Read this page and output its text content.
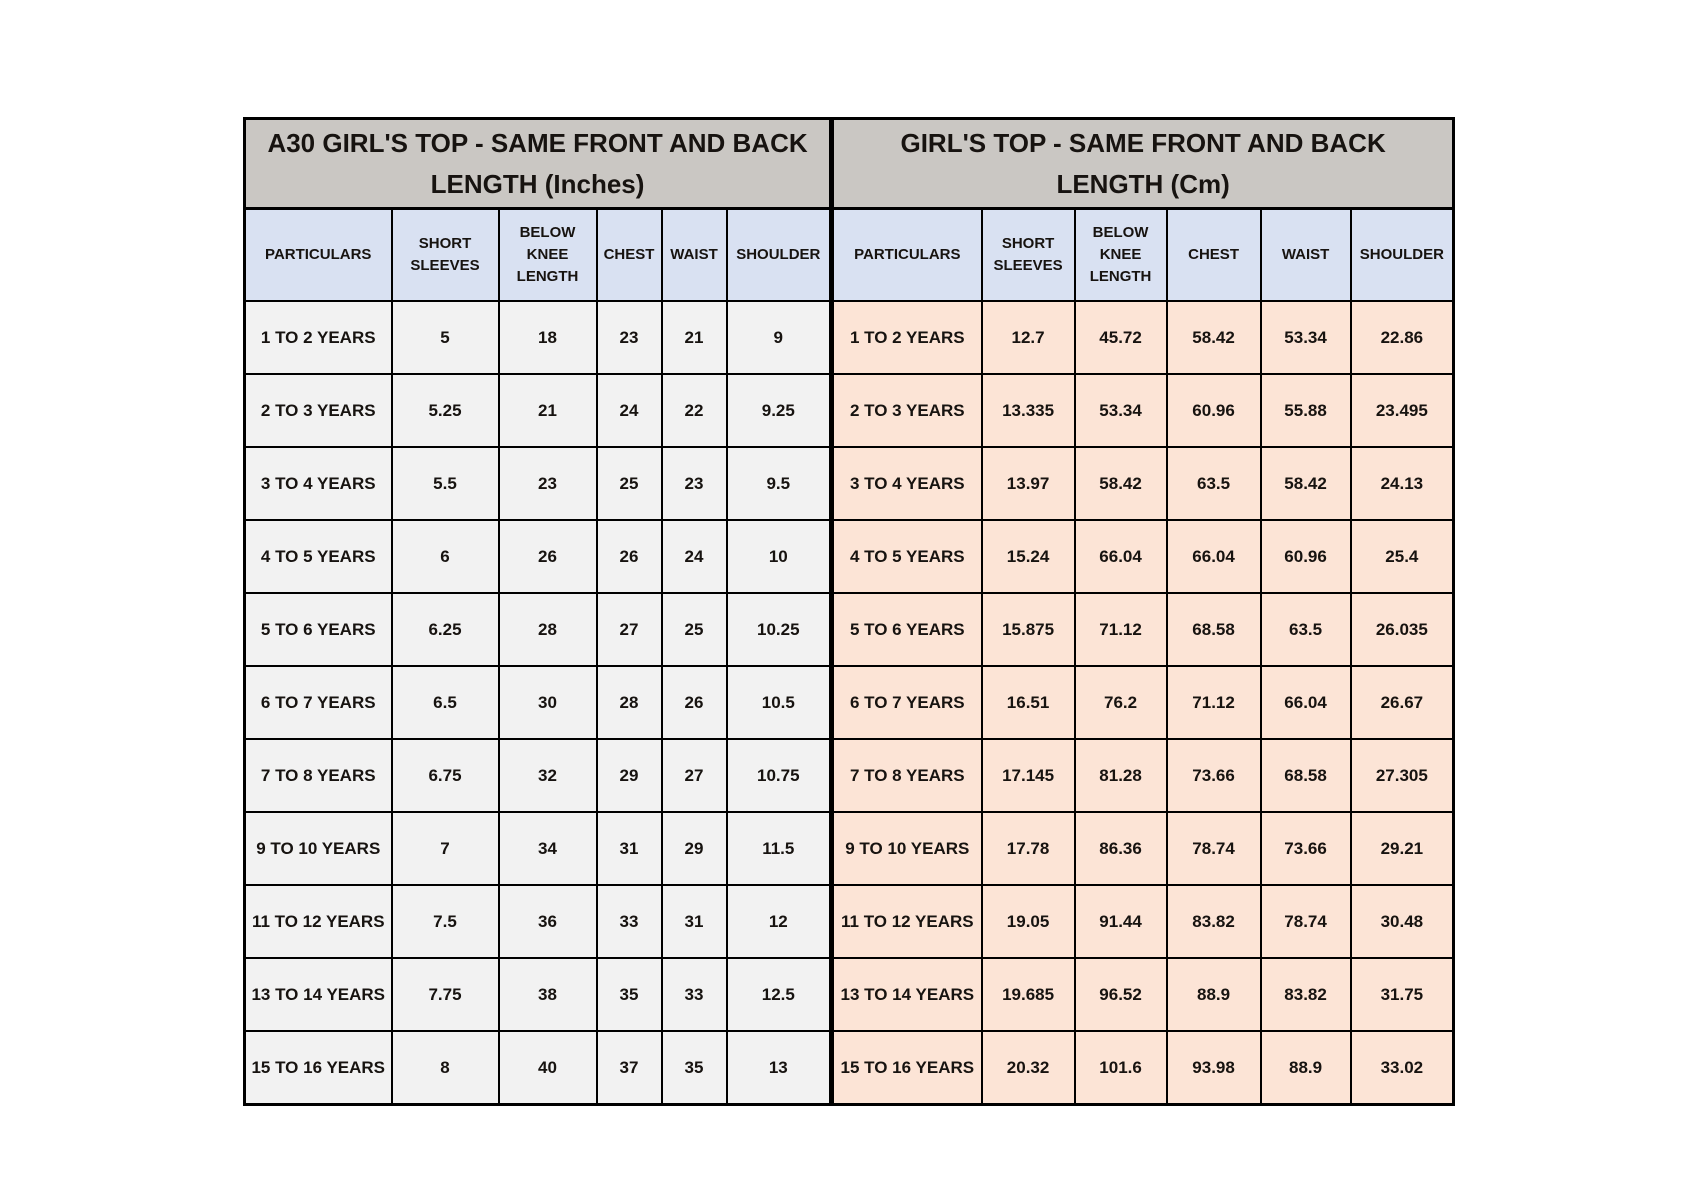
A30 GIRL'S TOP - SAME FRONT AND BACK
LENGTH (Inches)						GIRL'S TOP - SAME FRONT AND BACK
LENGTH (Cm)					

PARTICULARS	SHORT SLEEVES	BELOW KNEE LENGTH	CHEST	WAIST	SHOULDER	PARTICULARS	SHORT SLEEVES	BELOW KNEE LENGTH	CHEST	WAIST	SHOULDER
1 TO 2 YEARS	5	18	23	21	9	1 TO 2 YEARS	12.7	45.72	58.42	53.34	22.86
2 TO 3 YEARS	5.25	21	24	22	9.25	2 TO 3 YEARS	13.335	53.34	60.96	55.88	23.495
3 TO 4 YEARS	5.5	23	25	23	9.5	3 TO 4 YEARS	13.97	58.42	63.5	58.42	24.13
4 TO 5 YEARS	6	26	26	24	10	4 TO 5 YEARS	15.24	66.04	66.04	60.96	25.4
5 TO 6 YEARS	6.25	28	27	25	10.25	5 TO 6 YEARS	15.875	71.12	68.58	63.5	26.035
6 TO 7 YEARS	6.5	30	28	26	10.5	6 TO 7 YEARS	16.51	76.2	71.12	66.04	26.67
7 TO 8 YEARS	6.75	32	29	27	10.75	7 TO 8 YEARS	17.145	81.28	73.66	68.58	27.305
9 TO 10 YEARS	7	34	31	29	11.5	9 TO 10 YEARS	17.78	86.36	78.74	73.66	29.21
11 TO 12 YEARS	7.5	36	33	31	12	11 TO 12 YEARS	19.05	91.44	83.82	78.74	30.48
13 TO 14 YEARS	7.75	38	35	33	12.5	13 TO 14 YEARS	19.685	96.52	88.9	83.82	31.75
15 TO 16 YEARS	8	40	37	35	13	15 TO 16 YEARS	20.32	101.6	93.98	88.9	33.02
